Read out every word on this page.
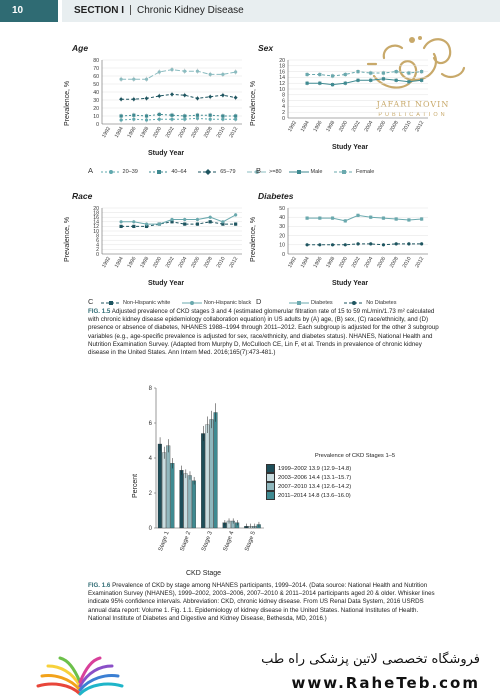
10	SECTION I Chronic Kidney Disease
JAFARI NOVIN
PUBLICATION
Age	Sex
Race	Diabetes
Prevalence, %	Prevalence, %
Prevalence, %	Prevalence, %
Study Year
Study Year
Study Year	Study Year
0
10
20
30
40
50
60
70
80
1992 1994 1996 1998 2000 2002 2004 2006 2008 2010 2012
0
2
4
6
8
10
12
14
16
18
20
1992 1994 1996 1998 2000 2002 2004 2006 2008 2010 2012
0
2
4
6
8
10
12
14
16
18
20
1992 1994 1996 1998 2000 2002 2004 2006 2008 2010 2012
0
10
20
30
40
50
1992 1994 1996 1998 2000 2002 2004 2006 2008 2010 2012
A	20–39	40–64	65–79	>=80
B	Male	Female
C	Non-Hispanic white	Non-Hispanic black D	Diabetes	No Diabetes
FIG. 1.5 Adjusted prevalence of CKD stages 3 and 4 (estimated glomerular filtration rate of 15 to 59 mL/min/1.73 m² calculated with chronic kidney disease epidemiology collaboration equation) in US adults by (A) age, (B) sex, (C) race/ethnicity, and (D) presence or absence of diabetes, NHANES 1988–1994 through 2011–2012. Each subgroup is adjusted for the other 3 subgroup variables (e.g., age-specific prevalence is adjusted for sex, race/ethnicity, and diabetes status). NHANES, National Health and Nutrition Examination Survey. (Adapted from Murphy D, McCulloch CE, Lin F, et al. Trends in prevalence of chronic kidney disease in the United States. Ann Intern Med. 2016;165(7):473-481.)
Percent
0
2
4
6
8
Stage 1 Stage 2 Stage 3 Stage 4 Stage 5
CKD Stage
Prevalence of CKD Stages 1–5
1999–2002 13.9 (12.9–14.8)
2003–2006 14.4 (13.1–15.7)
2007–2010 13.4 (12.6–14.2)
2011–2014 14.8 (13.6–16.0)
FIG. 1.6 Prevalence of CKD by stage among NHANES participants, 1999–2014. (Data source: National Health and Nutrition Examination Survey (NHANES), 1999–2002, 2003–2006, 2007–2010 & 2011–2014 participants aged 20 & older. Whisker lines indicate 95% confidence intervals. Abbreviation: CKD, chronic kidney disease. From US Renal Data System, 2016 USRDS annual data report: Volume 1. Fig. 1.1. Epidemiology of kidney disease in the United States. National Institutes of Health. National Institute of Diabetes and Digestive and Kidney Disease, Bethesda, MD, 2016.)
فروشگاه تخصصی لاتین پزشکی راه طب
www.RaheTeb.com
